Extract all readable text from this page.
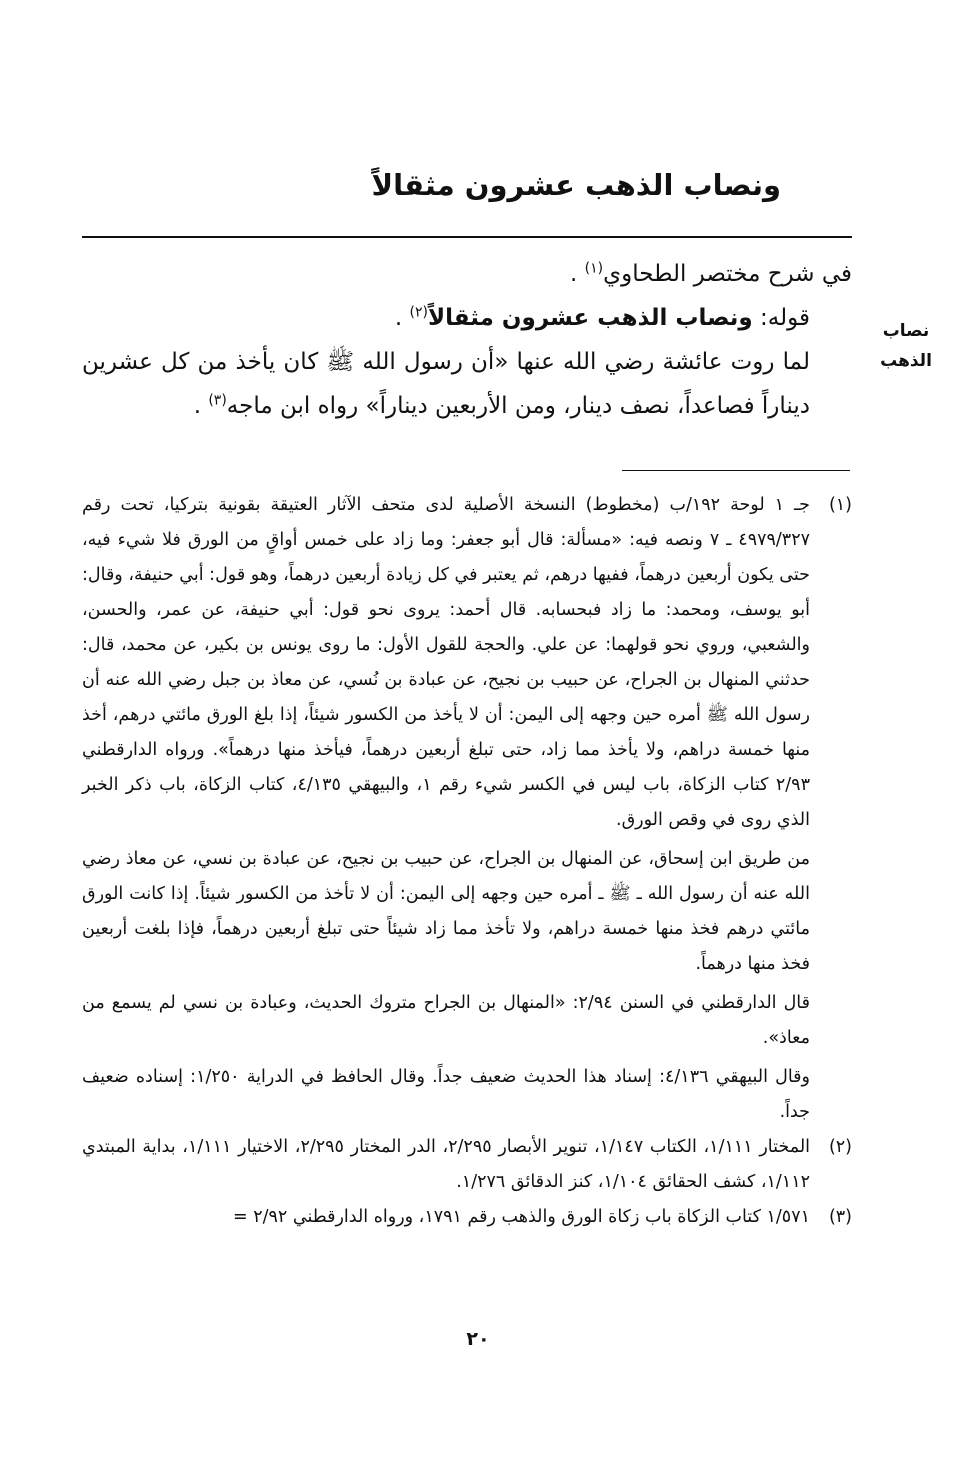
ونصاب الذهب عشرون مثقالاً
نصاب
الذهب

في شرح مختصر الطحاوي$^{(١)}$ .

قوله: ونصاب الذهب عشرون مثقالاً$^{(٢)}$ .

لما روت عائشة رضي الله عنها «أن رسول الله ﷺ كان يأخذ من كل عشرين ديناراً فصاعداً، نصف دينار، ومن الأربعين ديناراً» رواه ابن ماجه$^{(٣)}$ .

(١)

جـ ١ لوحة ١٩٢/ب (مخطوط) النسخة الأصلية لدى متحف الآثار العتيقة بقونية بتركيا، تحت رقم ٤٩٧٩/٣٢٧ ـ ٧ ونصه فيه: «مسألة: قال أبو جعفر: وما زاد على خمس أواقٍ من الورق فلا شيء فيه، حتى يكون أربعين درهماً، ففيها درهم، ثم يعتبر في كل زيادة أربعين درهماً، وهو قول: أبي حنيفة، وقال: أبو يوسف، ومحمد: ما زاد فبحسابه. قال أحمد: يروى نحو قول: أبي حنيفة، عن عمر، والحسن، والشعبي، وروي نحو قولهما: عن علي. والحجة للقول الأول: ما روى يونس بن بكير، عن محمد، قال: حدثني المنهال بن الجراح، عن حبيب بن نجيح، عن عبادة بن نُسي، عن معاذ بن جبل رضي الله عنه أن رسول الله ﷺ أمره حين وجهه إلى اليمن: أن لا يأخذ من الكسور شيئاً، إذا بلغ الورق مائتي درهم، أخذ منها خمسة دراهم، ولا يأخذ مما زاد، حتى تبلغ أربعين درهماً، فيأخذ منها درهماً». ورواه الدارقطني ٢/٩٣ كتاب الزكاة، باب ليس في الكسر شيء رقم ١، والبيهقي ٤/١٣٥، كتاب الزكاة، باب ذكر الخبر الذي روى في وقص الورق.

من طريق ابن إسحاق، عن المنهال بن الجراح، عن حبيب بن نجيح، عن عبادة بن نسي، عن معاذ رضي الله عنه أن رسول الله ـ ﷺ ـ أمره حين وجهه إلى اليمن: أن لا تأخذ من الكسور شيئاً. إذا كانت الورق مائتي درهم فخذ منها خمسة دراهم، ولا تأخذ مما زاد شيئاً حتى تبلغ أربعين درهماً، فإذا بلغت أربعين فخذ منها درهماً.

قال الدارقطني في السنن ٢/٩٤: «المنهال بن الجراح متروك الحديث، وعبادة بن نسي لم يسمع من معاذ».

وقال البيهقي ٤/١٣٦: إسناد هذا الحديث ضعيف جداً. وقال الحافظ في الدراية ١/٢٥٠: إسناده ضعيف جداً.

(٢)

المختار ١/١١١، الكتاب ١/١٤٧، تنوير الأبصار ٢/٢٩٥، الدر المختار ٢/٢٩٥، الاختيار ١/١١١، بداية المبتدي ١/١١٢، كشف الحقائق ١/١٠٤، كنز الدقائق ١/٢٧٦.

(٣)

١/٥٧١ كتاب الزكاة باب زكاة الورق والذهب رقم ١٧٩١، ورواه الدارقطني ٢/٩٢ =

٢٠
